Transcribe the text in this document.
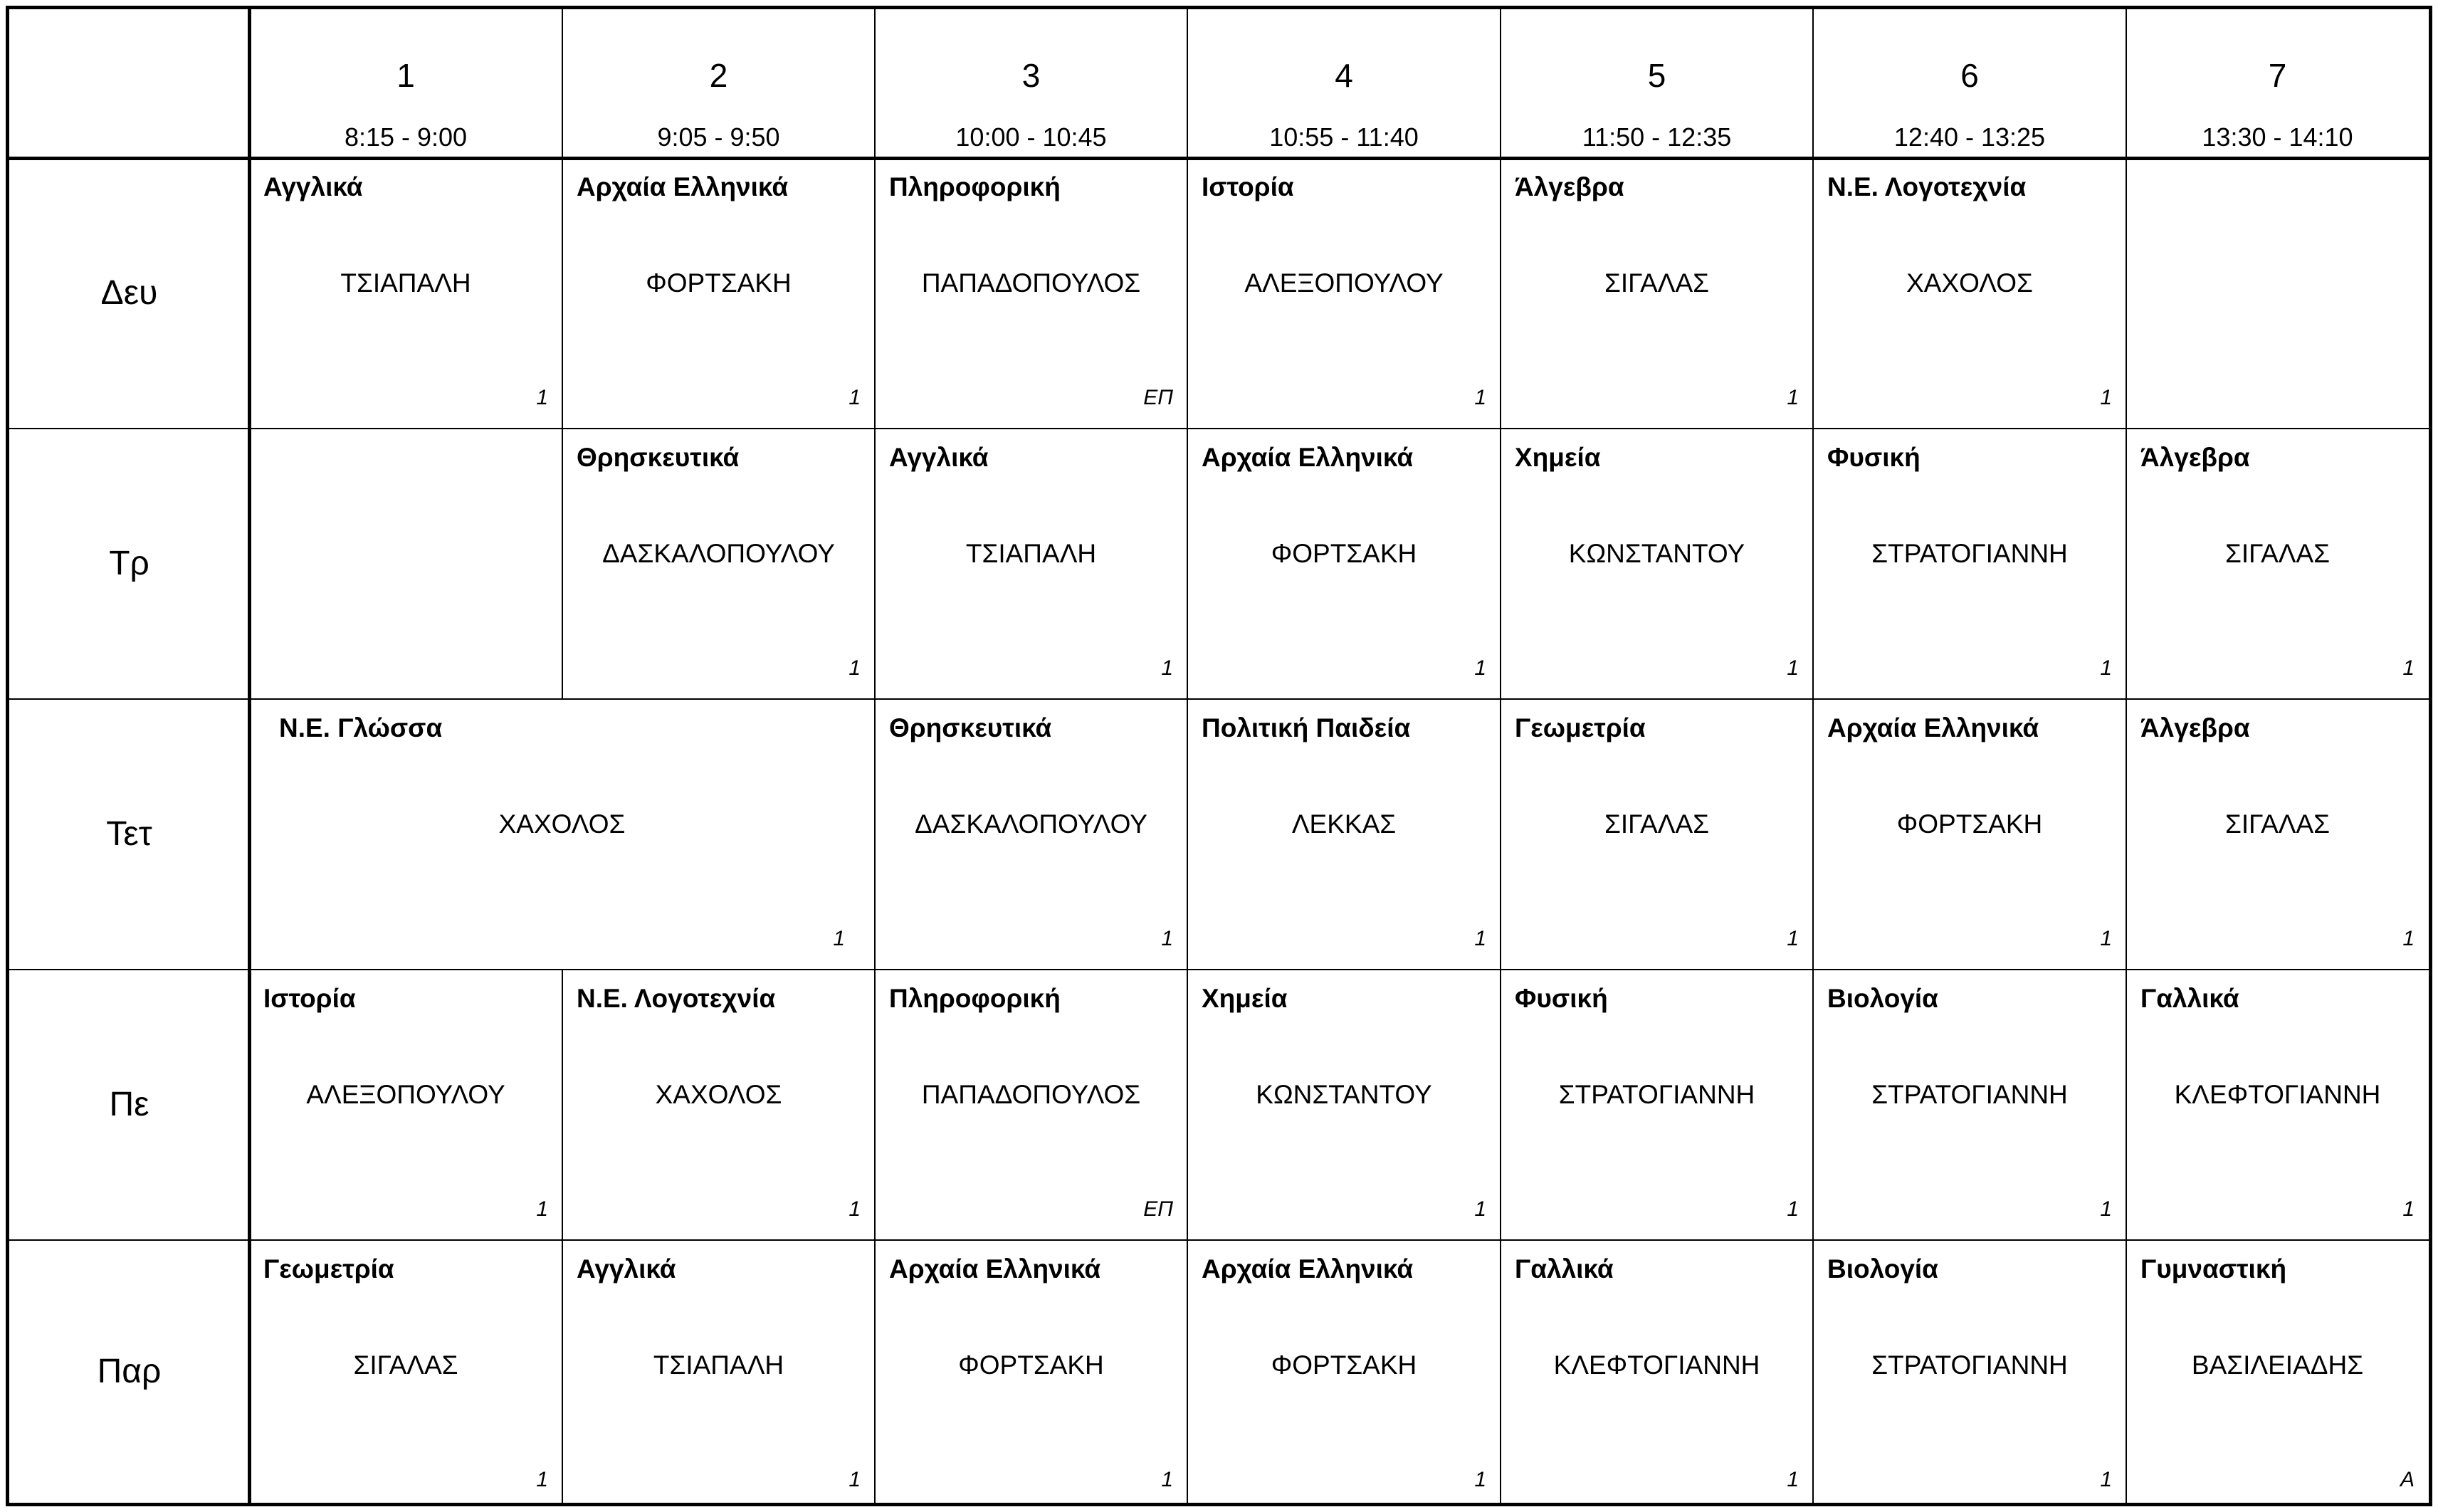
1
8:15 - 9:00
2
9:05 - 9:50
3
10:00 - 10:45
4
10:55 - 11:40
5
11:50 - 12:35
6
12:40 - 13:25
7
13:30 - 14:10
Δευ
Αγγλικά
ΤΣΙΑΠΑΛΗ
1
Αρχαία Ελληνικά
ΦΟΡΤΣΑΚΗ
1
Πληροφορική
ΠΑΠΑΔΟΠΟΥΛΟΣ
ΕΠ
Ιστορία
ΑΛΕΞΟΠΟΥΛΟΥ
1
Άλγεβρα
ΣΙΓΑΛΑΣ
1
Ν.Ε. Λογοτεχνία
ΧΑΧΟΛΟΣ
1
Τρ
Θρησκευτικά
ΔΑΣΚΑΛΟΠΟΥΛΟΥ
1
Αγγλικά
ΤΣΙΑΠΑΛΗ
1
Αρχαία Ελληνικά
ΦΟΡΤΣΑΚΗ
1
Χημεία
ΚΩΝΣΤΑΝΤΟΥ
1
Φυσική
ΣΤΡΑΤΟΓΙΑΝΝΗ
1
Άλγεβρα
ΣΙΓΑΛΑΣ
1
Τετ
Ν.Ε. Γλώσσα
ΧΑΧΟΛΟΣ
1
Θρησκευτικά
ΔΑΣΚΑΛΟΠΟΥΛΟΥ
1
Πολιτική Παιδεία
ΛΕΚΚΑΣ
1
Γεωμετρία
ΣΙΓΑΛΑΣ
1
Αρχαία Ελληνικά
ΦΟΡΤΣΑΚΗ
1
Άλγεβρα
ΣΙΓΑΛΑΣ
1
Πε
Ιστορία
ΑΛΕΞΟΠΟΥΛΟΥ
1
Ν.Ε. Λογοτεχνία
ΧΑΧΟΛΟΣ
1
Πληροφορική
ΠΑΠΑΔΟΠΟΥΛΟΣ
ΕΠ
Χημεία
ΚΩΝΣΤΑΝΤΟΥ
1
Φυσική
ΣΤΡΑΤΟΓΙΑΝΝΗ
1
Βιολογία
ΣΤΡΑΤΟΓΙΑΝΝΗ
1
Γαλλικά
ΚΛΕΦΤΟΓΙΑΝΝΗ
1
Παρ
Γεωμετρία
ΣΙΓΑΛΑΣ
1
Αγγλικά
ΤΣΙΑΠΑΛΗ
1
Αρχαία Ελληνικά
ΦΟΡΤΣΑΚΗ
1
Αρχαία Ελληνικά
ΦΟΡΤΣΑΚΗ
1
Γαλλικά
ΚΛΕΦΤΟΓΙΑΝΝΗ
1
Βιολογία
ΣΤΡΑΤΟΓΙΑΝΝΗ
1
Γυμναστική
ΒΑΣΙΛΕΙΑΔΗΣ
Α
